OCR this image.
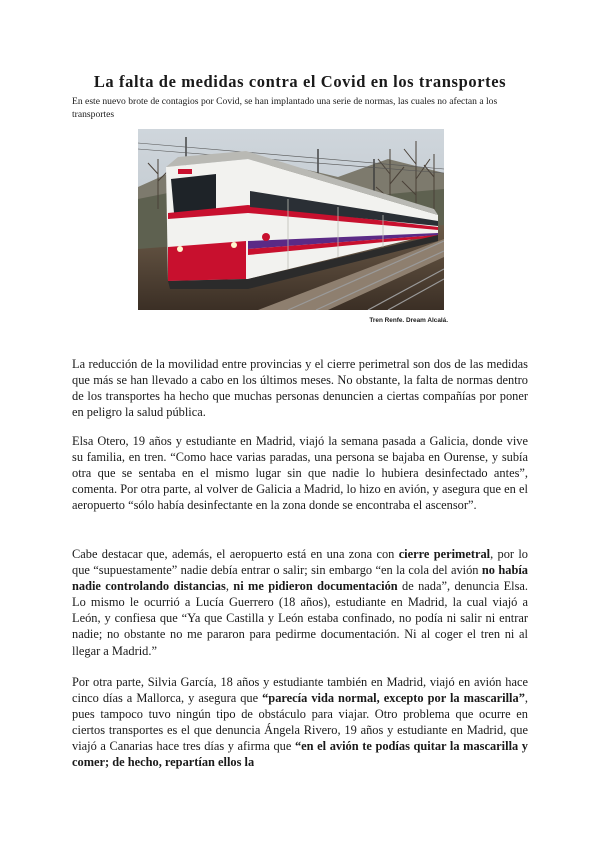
La falta de medidas contra el Covid en los transportes

En este nuevo brote de contagios por Covid, se han implantado una serie de normas, las cuales no afectan a los transportes

Tren Renfe. Dream Alcalá.

La reducción de la movilidad entre provincias y el cierre perimetral son dos de las medidas que más se han llevado a cabo en los últimos meses. No obstante, la falta de normas dentro de los transportes ha hecho que muchas personas denuncien a ciertas compañías por poner en peligro la salud pública.

Elsa Otero, 19 años y estudiante en Madrid, viajó la semana pasada a Galicia, donde vive su familia, en tren. “Como hace varias paradas, una persona se bajaba en Ourense, y subía otra que se sentaba en el mismo lugar sin que nadie lo hubiera desinfectado antes”, comenta. Por otra parte, al volver de Galicia a Madrid, lo hizo en avión, y asegura que en el aeropuerto “sólo había desinfectante en la zona donde se encontraba el ascensor”.

Cabe destacar que, además, el aeropuerto está en una zona con cierre perimetral, por lo que “supuestamente” nadie debía entrar o salir; sin embargo “en la cola del avión no había nadie controlando distancias, ni me pidieron documentación de nada”, denuncia Elsa. Lo mismo le ocurrió a Lucía Guerrero (18 años), estudiante en Madrid, la cual viajó a León, y confiesa que “Ya que Castilla y León estaba confinado, no podía ni salir ni entrar nadie; no obstante no me pararon para pedirme documentación. Ni al coger el tren ni al llegar a Madrid.”

Por otra parte, Silvia García, 18 años y estudiante también en Madrid, viajó en avión hace cinco días a Mallorca, y asegura que “parecía vida normal, excepto por la mascarilla”, pues tampoco tuvo ningún tipo de obstáculo para viajar. Otro problema que ocurre en ciertos transportes es el que denuncia Ángela Rivero, 19 años y estudiante en Madrid, que viajó a Canarias hace tres días y afirma que “en el avión te podías quitar la mascarilla y comer; de hecho, repartían ellos la
